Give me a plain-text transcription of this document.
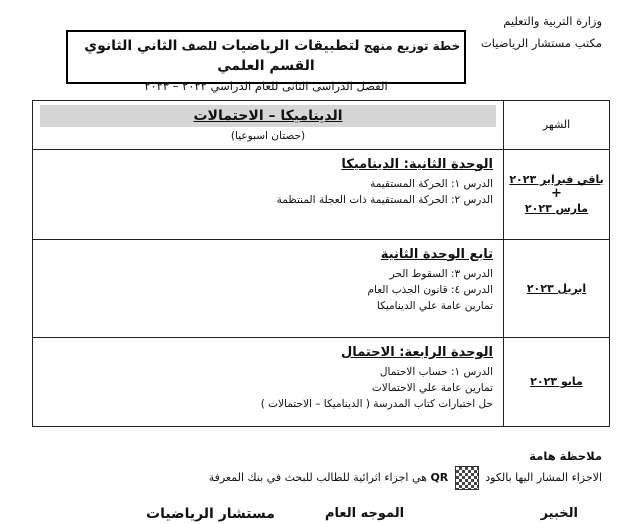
وزارة التربية والتعليم
مكتب مستشار الرياضيات
خطة توزيع منهج لتطبيقات الرياضيات للصف الثاني الثانوي    القسم العلمي
الفصل الدراسى الثانى للعام الدراسي ٢٠٢٢ – ٢٠٢٣
الشهر
الديناميكا – الاحتمالات
(حصتان اسبوعيا)
باقي فبراير ٢٠٢٣
+
مارس ٢٠٢٣
الوحدة الثانية: الديناميكا
الدرس ١: الحركة المستقيمة
الدرس ٢: الحركة المستقيمة ذات العجلة المنتظمة
ابريل ٢٠٢٣
تابع الوحدة الثانية
الدرس ٣: السقوط الحر
الدرس ٤: قانون الجذب العام
تمارين عامة علي الديناميكا
مايو ٢٠٢٣
الوحدة الرابعة: الاحتمال
الدرس ١: حساب الاحتمال
تمارين عامة علي الاحتمالات
حل اختبارات كتاب المدرسة ( الديناميكا – الاحتمالات )
ملاحظة هامة
الاجزاء المشار اليها بالكود  QR هي اجزاء اثرائية للطالب للبحث في بنك المعرفة
الخبير
الموجه العام
مستشار الرياضيات
